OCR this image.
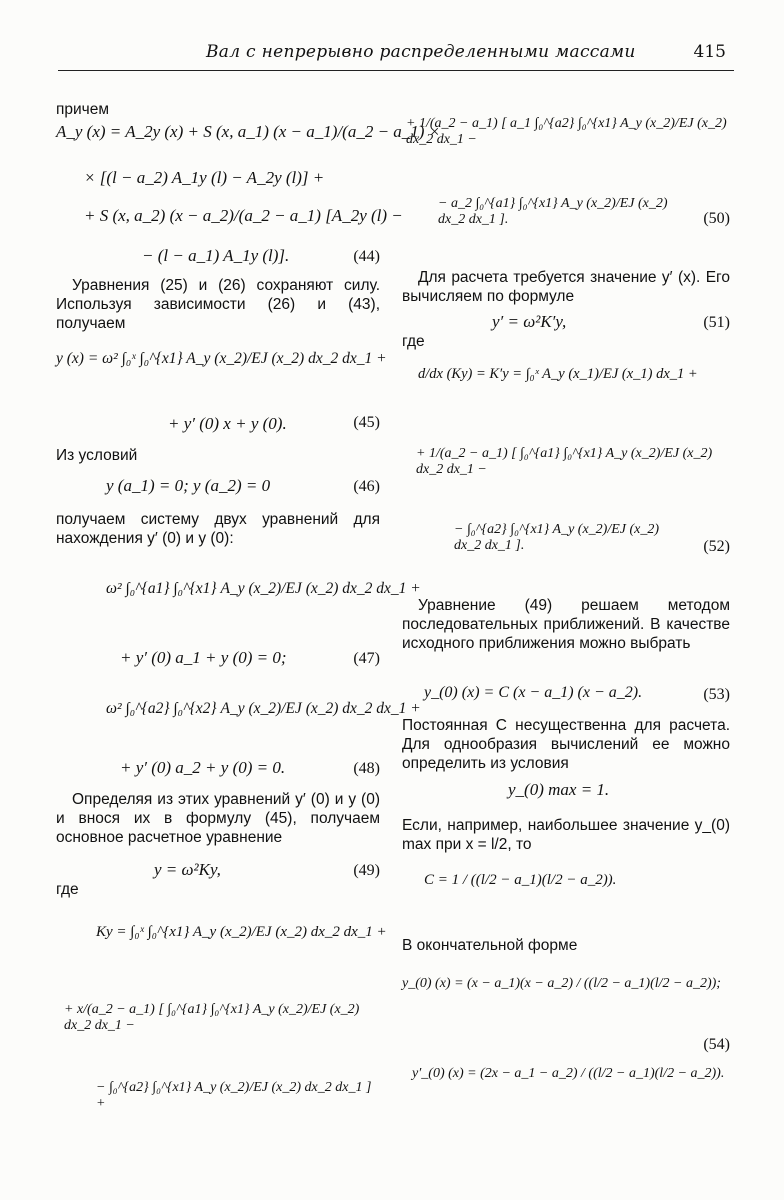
Вал с непрерывно распределенными массами	415
причем
A_y (x) = A_2y (x) + S (x, a_1) (x − a_1)/(a_2 − a_1) ×
× [(l − a_2) A_1y (l) − A_2y (l)] +
+ S (x, a_2) (x − a_2)/(a_2 − a_1) [A_2y (l) −
− (l − a_1) A_1y (l)].	(44)
Уравнения (25) и (26) сохраняют силу. Используя зависимости (26) и (43), получаем
y (x) = ω² ∫₀ˣ ∫₀^{x1} A_y (x_2)/EJ (x_2) dx_2 dx_1 +
+ y′ (0) x + y (0).	(45)
Из условий
y (a_1) = 0; y (a_2) = 0	(46)
получаем систему двух уравнений для нахождения y′ (0) и y (0):
ω² ∫₀^{a1} ∫₀^{x1} A_y (x_2)/EJ (x_2) dx_2 dx_1 +
+ y′ (0) a_1 + y (0) = 0;	(47)
ω² ∫₀^{a2} ∫₀^{x2} A_y (x_2)/EJ (x_2) dx_2 dx_1 +
+ y′ (0) a_2 + y (0) = 0.	(48)
Определяя из этих уравнений y′ (0) и y (0) и внося их в формулу (45), получаем основное расчетное уравнение
y = ω²Ky,	(49)
где
Ky = ∫₀ˣ ∫₀^{x1} A_y (x_2)/EJ (x_2) dx_2 dx_1 +
+ x/(a_2 − a_1) [ ∫₀^{a1} ∫₀^{x1} A_y (x_2)/EJ (x_2) dx_2 dx_1 −
− ∫₀^{a2} ∫₀^{x1} A_y (x_2)/EJ (x_2) dx_2 dx_1 ] +
+ 1/(a_2 − a_1) [ a_1 ∫₀^{a2} ∫₀^{x1} A_y (x_2)/EJ (x_2) dx_2 dx_1 −
− a_2 ∫₀^{a1} ∫₀^{x1} A_y (x_2)/EJ (x_2) dx_2 dx_1 ].	(50)
Для расчета требуется значение y′ (x). Его вычисляем по формуле
y′ = ω²K′y,	(51)
где
d/dx (Ky) = K′y = ∫₀ˣ A_y (x_1)/EJ (x_1) dx_1 +
+ 1/(a_2 − a_1) [ ∫₀^{a1} ∫₀^{x1} A_y (x_2)/EJ (x_2) dx_2 dx_1 −
− ∫₀^{a2} ∫₀^{x1} A_y (x_2)/EJ (x_2) dx_2 dx_1 ].	(52)
Уравнение (49) решаем методом последовательных приближений. В качестве исходного приближения можно выбрать
y_(0) (x) = C (x − a_1) (x − a_2).	(53)
Постоянная C несущественна для расчета. Для однообразия вычислений ее можно определить из условия
y_(0) max = 1.
Если, например, наибольшее значение y_(0) max при x = l/2, то
C = 1 / ((l/2 − a_1)(l/2 − a_2)).
В окончательной форме
y_(0) (x) = (x − a_1)(x − a_2) / ((l/2 − a_1)(l/2 − a_2));
(54)
y′_(0) (x) = (2x − a_1 − a_2) / ((l/2 − a_1)(l/2 − a_2)).
